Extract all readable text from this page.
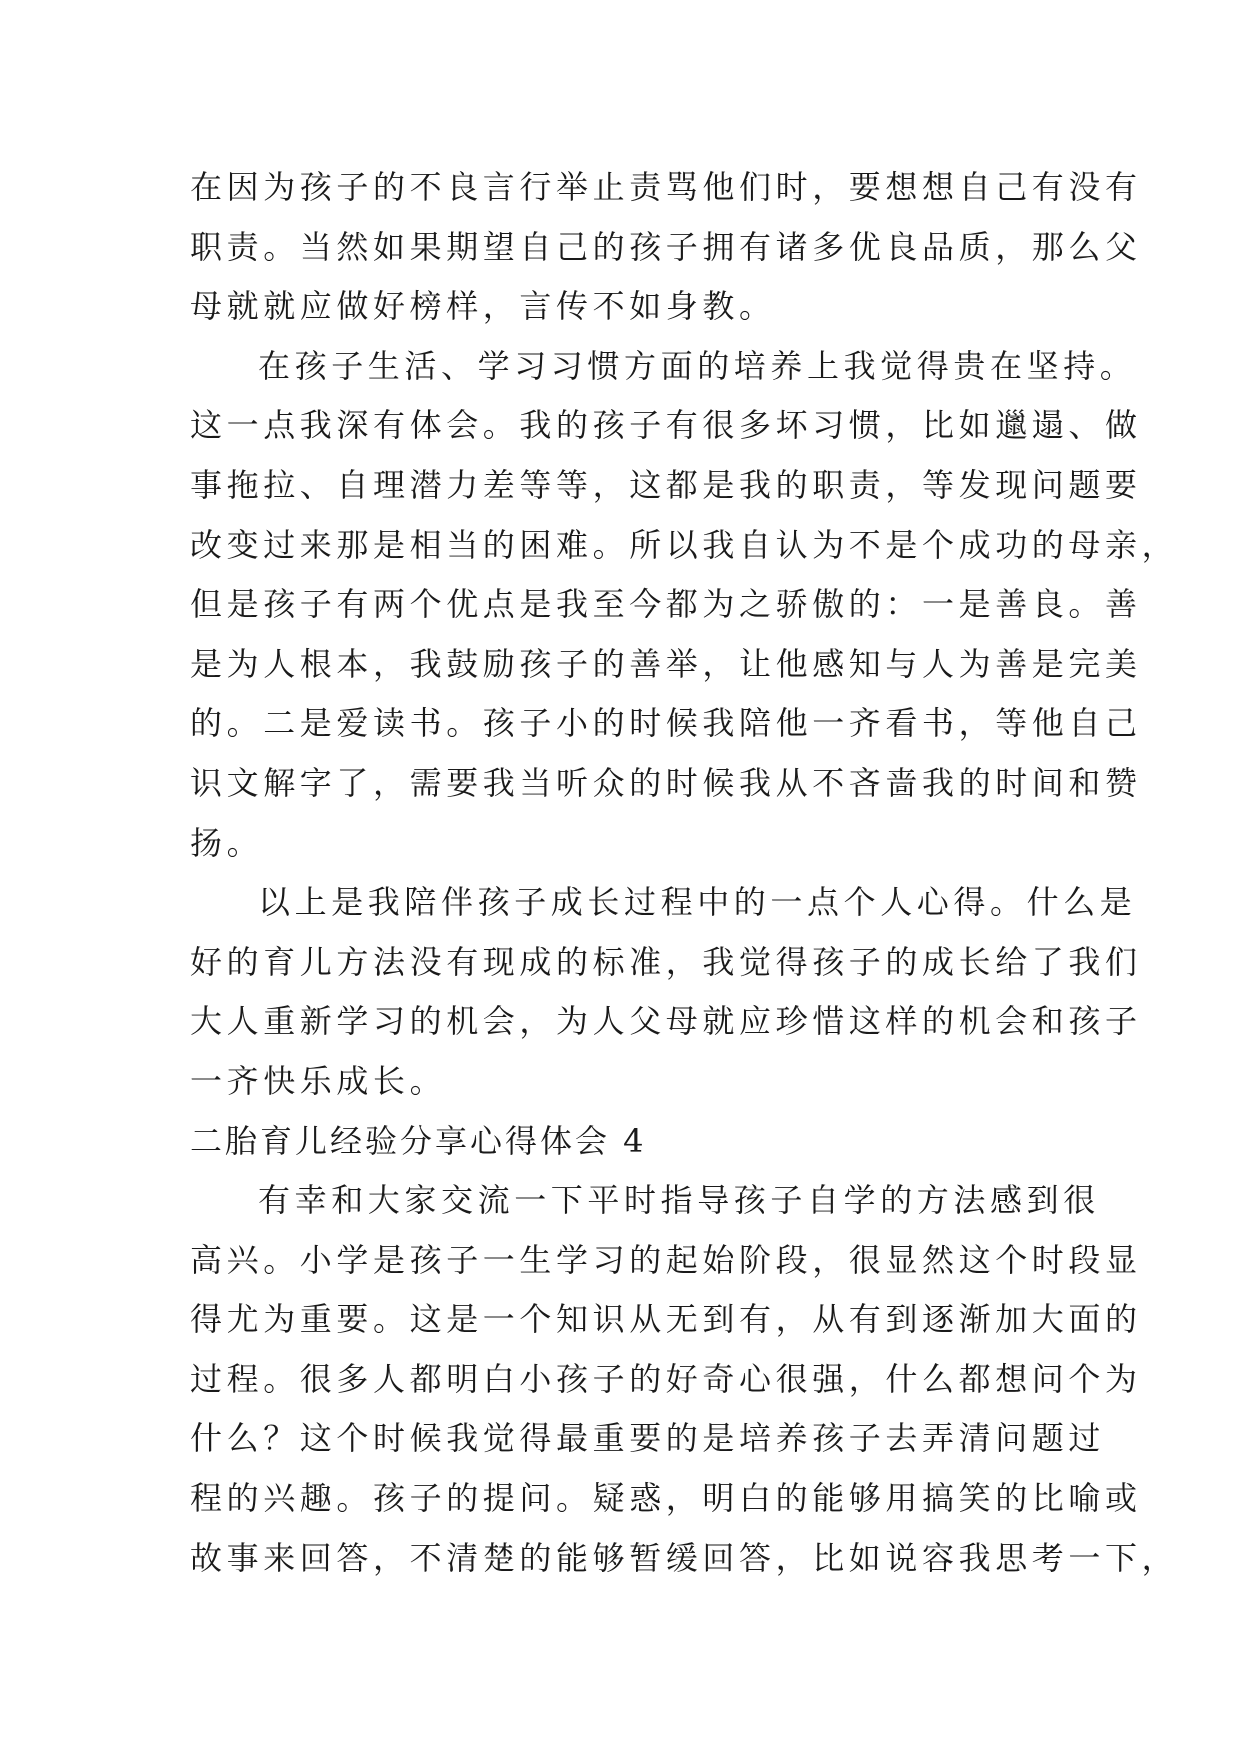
在因为孩子的不良言行举止责骂他们时，要想想自己有没有
职责。当然如果期望自己的孩子拥有诸多优良品质，那么父
母就就应做好榜样，言传不如身教。
在孩子生活、学习习惯方面的培养上我觉得贵在坚持。
这一点我深有体会。我的孩子有很多坏习惯，比如邋遢、做
事拖拉、自理潜力差等等，这都是我的职责，等发现问题要
改变过来那是相当的困难。所以我自认为不是个成功的母亲，
但是孩子有两个优点是我至今都为之骄傲的：一是善良。善
是为人根本，我鼓励孩子的善举，让他感知与人为善是完美
的。二是爱读书。孩子小的时候我陪他一齐看书，等他自己
识文解字了，需要我当听众的时候我从不吝啬我的时间和赞
扬。
以上是我陪伴孩子成长过程中的一点个人心得。什么是
好的育儿方法没有现成的标准，我觉得孩子的成长给了我们
大人重新学习的机会，为人父母就应珍惜这样的机会和孩子
一齐快乐成长。
二胎育儿经验分享心得体会 4
有幸和大家交流一下平时指导孩子自学的方法感到很
高兴。小学是孩子一生学习的起始阶段，很显然这个时段显
得尤为重要。这是一个知识从无到有，从有到逐渐加大面的
过程。很多人都明白小孩子的好奇心很强，什么都想问个为
什么？这个时候我觉得最重要的是培养孩子去弄清问题过
程的兴趣。孩子的提问。疑惑，明白的能够用搞笑的比喻或
故事来回答，不清楚的能够暂缓回答，比如说容我思考一下，
